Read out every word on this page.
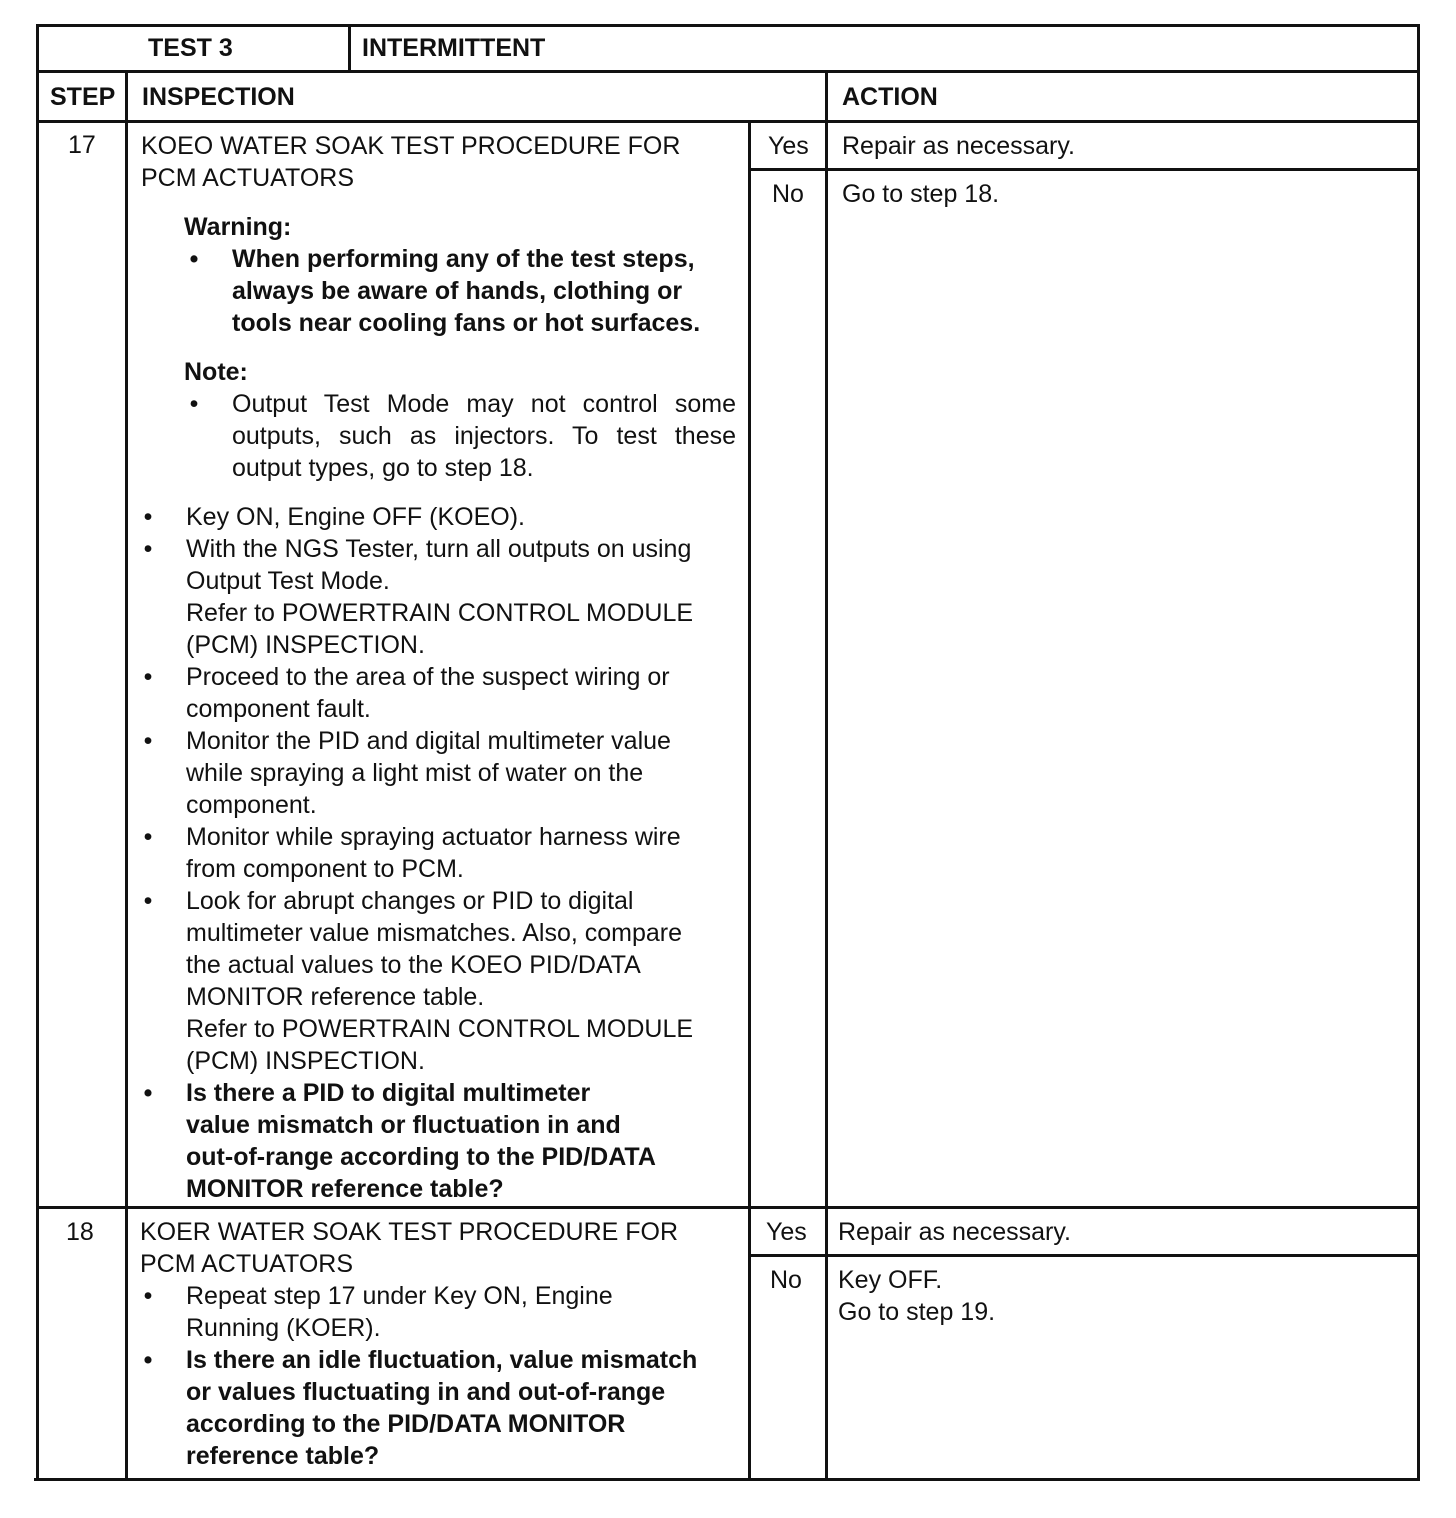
TEST 3	INTERMITTENT
STEP INSPECTION	ACTION
17 KOEO WATER SOAK TEST PROCEDURE FOR

PCM ACTUATORS

Warning:
• When performing any of the test steps,
always be aware of hands, clothing or
tools near cooling fans or hot surfaces.
Note:
• Output Test Mode may not control some
outputs, such as injectors. To test these
output types, go to step 18.
• Key ON, Engine OFF (KOEO).
• With the NGS Tester, turn all outputs on using
Output Test Mode.
Refer to POWERTRAIN CONTROL MODULE
(PCM) INSPECTION.
• Proceed to the area of the suspect wiring or
component fault.
• Monitor the PID and digital multimeter value
while spraying a light mist of water on the
component.
• Monitor while spraying actuator harness wire
from component to PCM.
• Look for abrupt changes or PID to digital
multimeter value mismatches. Also, compare
the actual values to the KOEO PID/DATA
MONITOR reference table.
Refer to POWERTRAIN CONTROL MODULE
(PCM) INSPECTION.
• Is there a PID to digital multimeter
value mismatch or fluctuation in and
out-of-range according to the PID/DATA
MONITOR reference table?
Yes Repair as necessary.
No Go to step 18.
18 KOER WATER SOAK TEST PROCEDURE FOR

PCM ACTUATORS

• Repeat step 17 under Key ON, Engine
Running (KOER).
• Is there an idle fluctuation, value mismatch
or values fluctuating in and out-of-range
according to the PID/DATA MONITOR
reference table?
Yes Repair as necessary.
No Key OFF.
Go to step 19.
